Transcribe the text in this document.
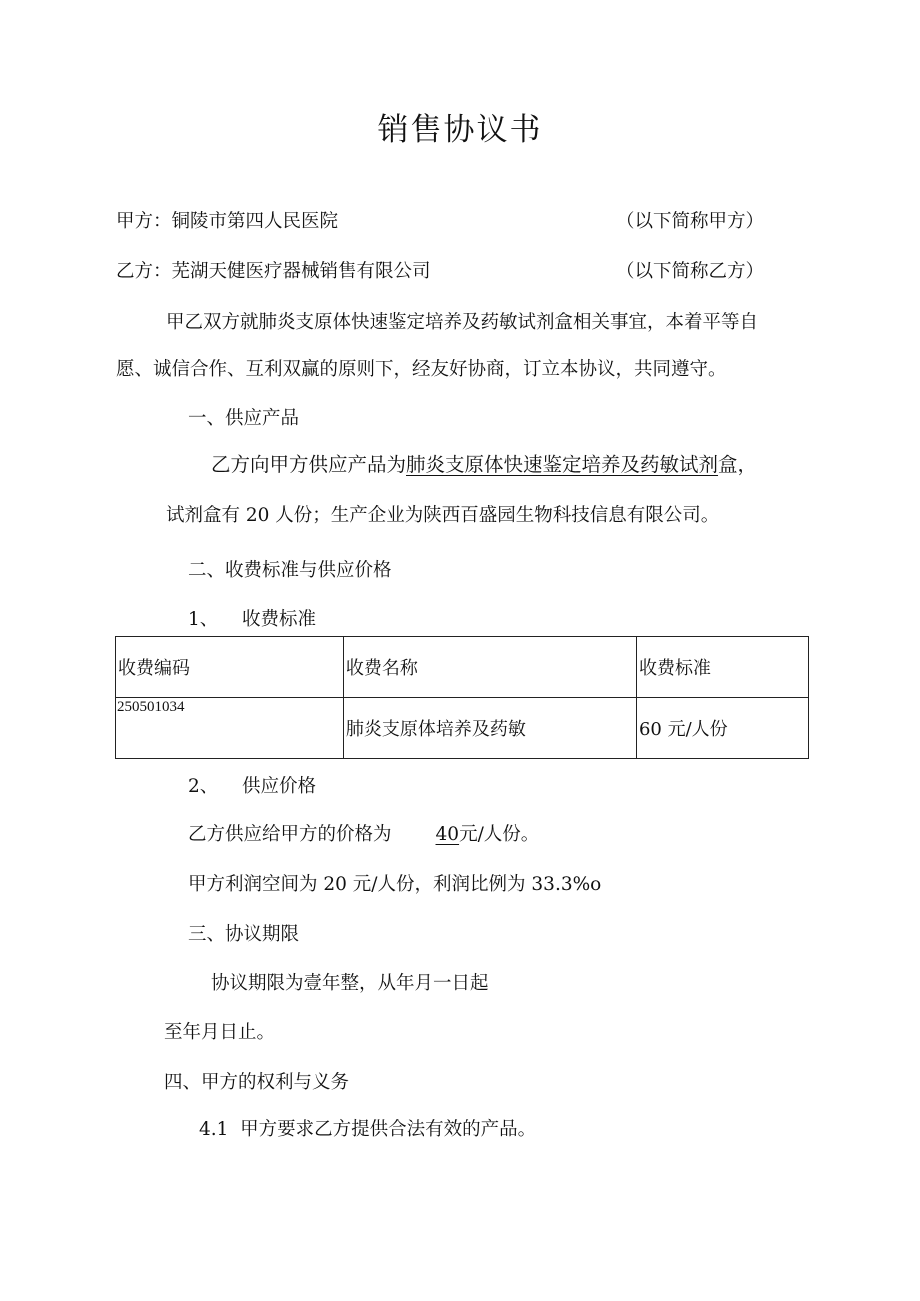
销售协议书
甲方：铜陵市第四人民医院	（以下简称甲方）
乙方：芜湖天健医疗器械销售有限公司	（以下简称乙方）
甲乙双方就肺炎支原体快速鉴定培养及药敏试剂盒相关事宜，本着平等自
愿、诚信合作、互利双赢的原则下，经友好协商，订立本协议，共同遵守。
一、供应产品
乙方向甲方供应产品为肺炎支原体快速鉴定培养及药敏试剂盒，
试剂盒有 20 人份；生产企业为陕西百盛园生物科技信息有限公司。
二、收费标准与供应价格
1、 收费标准
收费编码	收费名称	收费标准

250501034	肺炎支原体培养及药敏	60 元/人份
2、 供应价格
乙方供应给甲方的价格为 40元/人份。
甲方利润空间为 20 元/人份，利润比例为 33.3%o
三、协议期限
协议期限为壹年整，从年月一日起
至年月日止。
四、甲方的权利与义务
4.1  甲方要求乙方提供合法有效的产品。
